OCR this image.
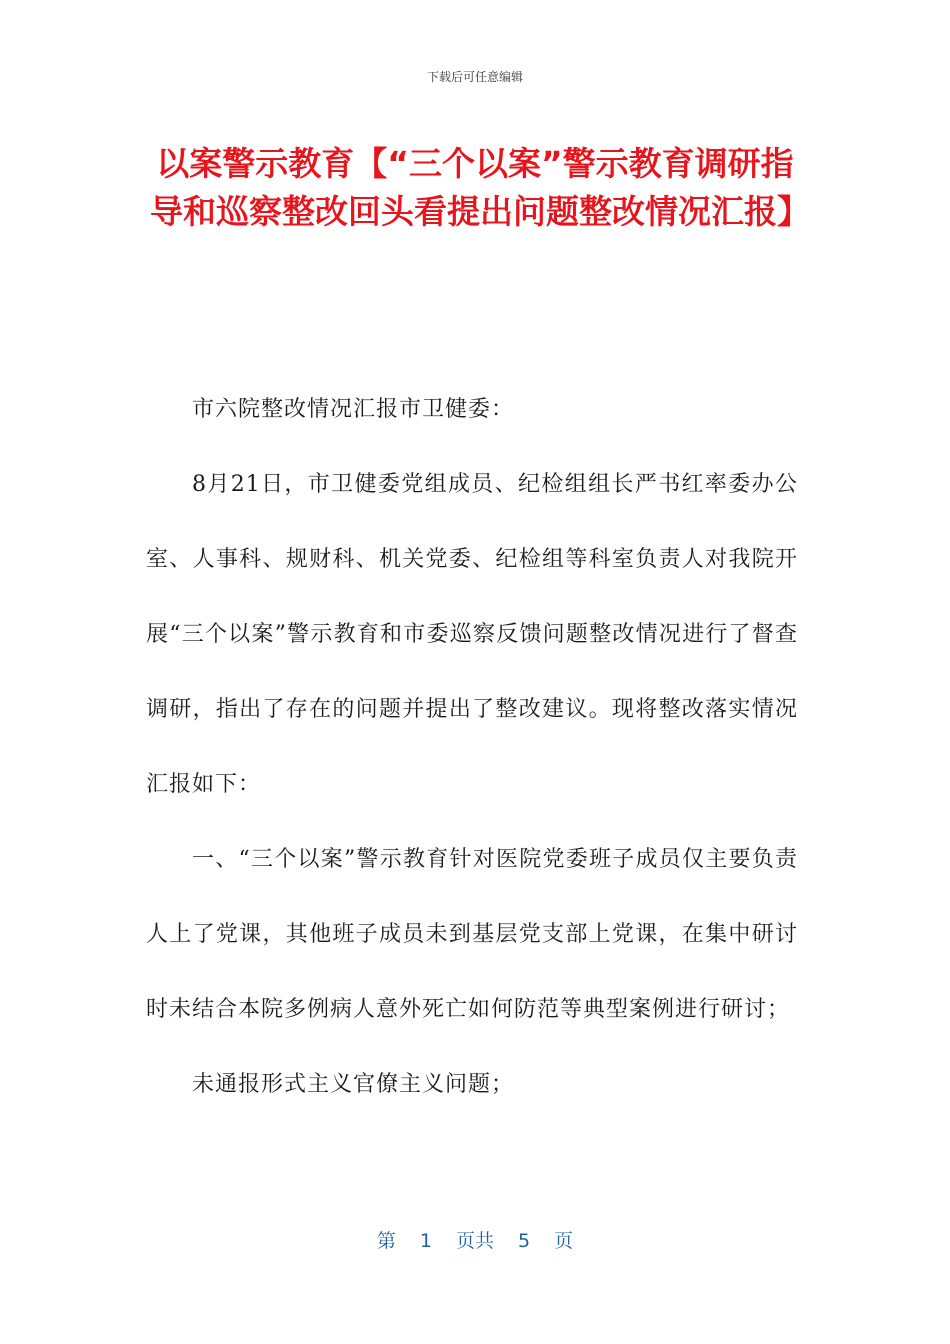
下载后可任意编辑
以案警示教育【“三个以案”警示教育调研指导和巡察整改回头看提出问题整改情况汇报】

市六院整改情况汇报市卫健委：

8月21日，市卫健委党组成员、纪检组组长严书红率委办公室、人事科、规财科、机关党委、纪检组等科室负责人对我院开展“三个以案”警示教育和市委巡察反馈问题整改情况进行了督查调研，指出了存在的问题并提出了整改建议。现将整改落实情况汇报如下：

一、“三个以案”警示教育针对医院党委班子成员仅主要负责人上了党课，其他班子成员未到基层党支部上党课，在集中研讨时未结合本院多例病人意外死亡如何防范等典型案例进行研讨；

未通报形式主义官僚主义问题；

第 1 页共 5 页
